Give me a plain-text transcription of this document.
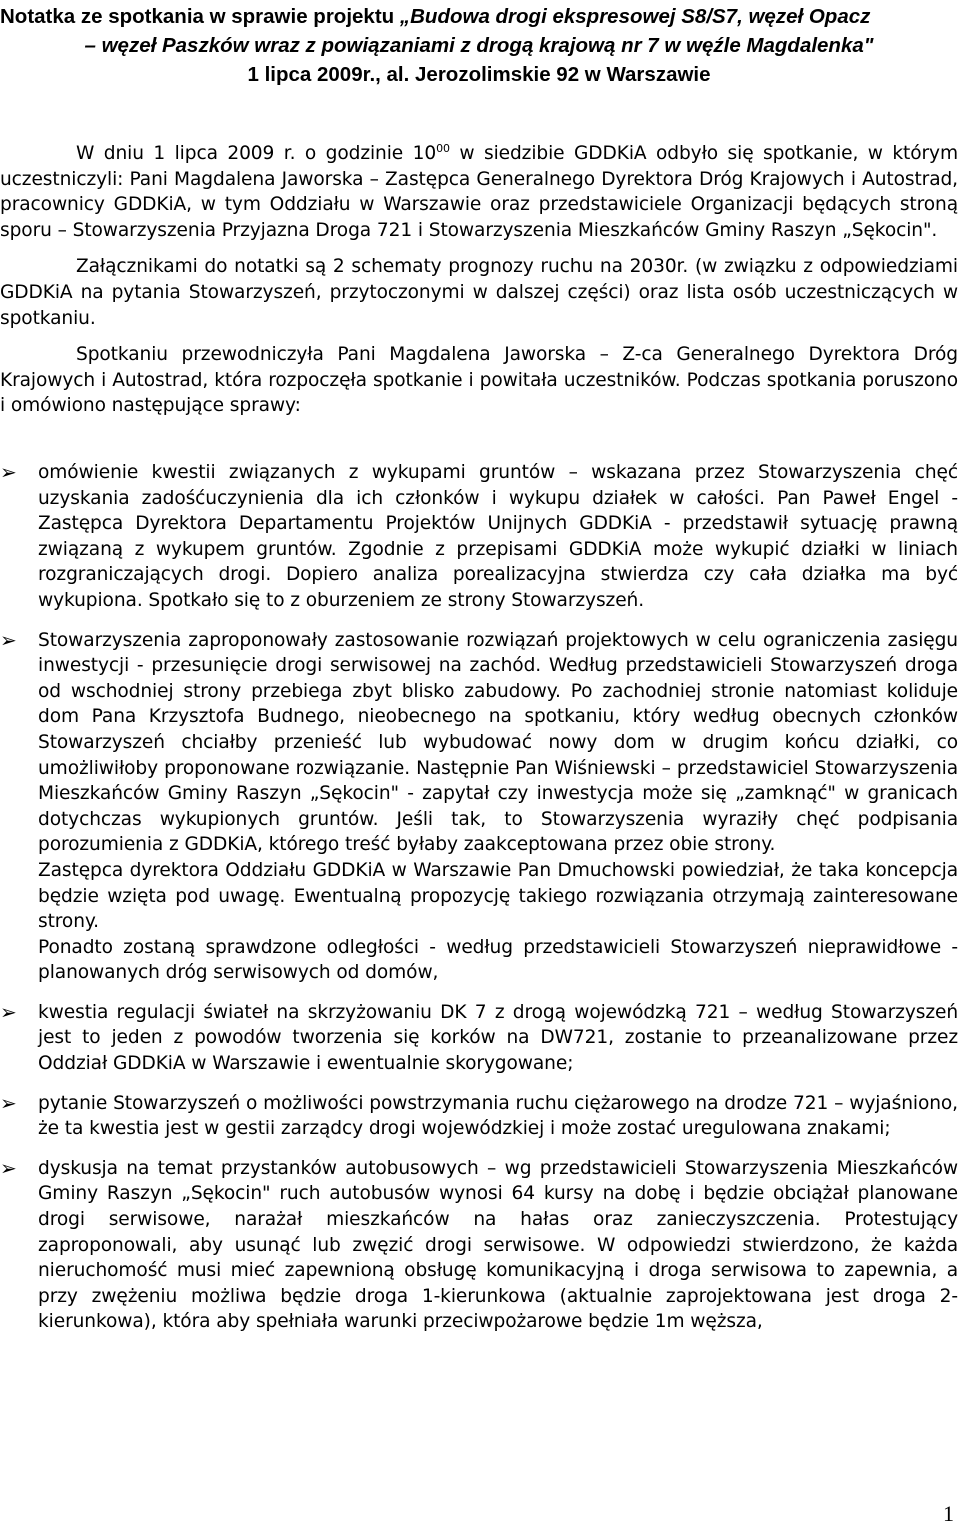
Notatka ze spotkania w sprawie projektu „Budowa drogi ekspresowej S8/S7, węzeł Opacz
– węzeł Paszków wraz z powiązaniami z drogą krajową nr 7 w węźle Magdalenka"
1 lipca 2009r., al. Jerozolimskie 92 w Warszawie

W dniu 1 lipca 2009 r. o godzinie $10^{00}$ w siedzibie GDDKiA odbyło się spotkanie, w którym uczestniczyli: Pani Magdalena Jaworska – Zastępca Generalnego Dyrektora Dróg Krajowych i Autostrad, pracownicy GDDKiA, w tym Oddziału w Warszawie oraz przedstawiciele Organizacji będących stroną sporu – Stowarzyszenia Przyjazna Droga 721 i Stowarzyszenia Mieszkańców Gminy Raszyn „Sękocin".

Załącznikami do notatki są 2 schematy prognozy ruchu na 2030r. (w związku z odpowiedziami GDDKiA na pytania Stowarzyszeń, przytoczonymi w dalszej części) oraz lista osób uczestniczących w spotkaniu.

Spotkaniu przewodniczyła Pani Magdalena Jaworska – Z-ca Generalnego Dyrektora Dróg Krajowych i Autostrad, która rozpoczęła spotkanie i powitała uczestników. Podczas spotkania poruszono i omówiono następujące sprawy:

➢	omówienie kwestii związanych z wykupami gruntów – wskazana przez Stowarzyszenia chęć uzyskania zadośćuczynienia dla ich członków i wykupu działek w całości. Pan Paweł Engel - Zastępca Dyrektora Departamentu Projektów Unijnych GDDKiA - przedstawił sytuację prawną związaną z wykupem gruntów. Zgodnie z przepisami GDDKiA może wykupić działki w liniach rozgraniczających drogi. Dopiero analiza porealizacyjna stwierdza czy cała działka ma być wykupiona. Spotkało się to z oburzeniem ze strony Stowarzyszeń.

➢	Stowarzyszenia zaproponowały zastosowanie rozwiązań projektowych w celu ograniczenia zasięgu inwestycji - przesunięcie drogi serwisowej na zachód. Według przedstawicieli Stowarzyszeń droga od wschodniej strony przebiega zbyt blisko zabudowy. Po zachodniej stronie natomiast koliduje dom Pana Krzysztofa Budnego, nieobecnego na spotkaniu, który według obecnych członków Stowarzyszeń chciałby przenieść lub wybudować nowy dom w drugim końcu działki, co umożliwiłoby proponowane rozwiązanie. Następnie Pan Wiśniewski – przedstawiciel Stowarzyszenia Mieszkańców Gminy Raszyn „Sękocin" - zapytał czy inwestycja może się „zamknąć" w granicach dotychczas wykupionych gruntów. Jeśli tak, to Stowarzyszenia wyraziły chęć podpisania porozumienia z GDDKiA, którego treść byłaby zaakceptowana przez obie strony.

Zastępca dyrektora Oddziału GDDKiA w Warszawie Pan Dmuchowski powiedział, że taka koncepcja będzie wzięta pod uwagę. Ewentualną propozycję takiego rozwiązania otrzymają zainteresowane strony.

Ponadto zostaną sprawdzone odległości - według przedstawicieli Stowarzyszeń nieprawidłowe - planowanych dróg serwisowych od domów,

➢	kwestia regulacji świateł na skrzyżowaniu DK 7 z drogą wojewódzką 721 – według Stowarzyszeń jest to jeden z powodów tworzenia się korków na DW721, zostanie to przeanalizowane przez Oddział GDDKiA w Warszawie i ewentualnie skorygowane;

➢	pytanie Stowarzyszeń o możliwości powstrzymania ruchu ciężarowego na drodze 721 – wyjaśniono, że ta kwestia jest w gestii zarządcy drogi wojewódzkiej i może zostać uregulowana znakami;

➢	dyskusja na temat przystanków autobusowych – wg przedstawicieli Stowarzyszenia Mieszkańców Gminy Raszyn „Sękocin" ruch autobusów wynosi 64 kursy na dobę i będzie obciążał planowane drogi serwisowe, narażał mieszkańców na hałas oraz zanieczyszczenia. Protestujący zaproponowali, aby usunąć lub zwęzić drogi serwisowe. W odpowiedzi stwierdzono, że każda nieruchomość musi mieć zapewnioną obsługę komunikacyjną i droga serwisowa to zapewnia, a przy zwężeniu możliwa będzie droga 1-kierunkowa (aktualnie zaprojektowana jest droga 2-kierunkowa), która aby spełniała warunki przeciwpożarowe będzie 1m węższa,

1
